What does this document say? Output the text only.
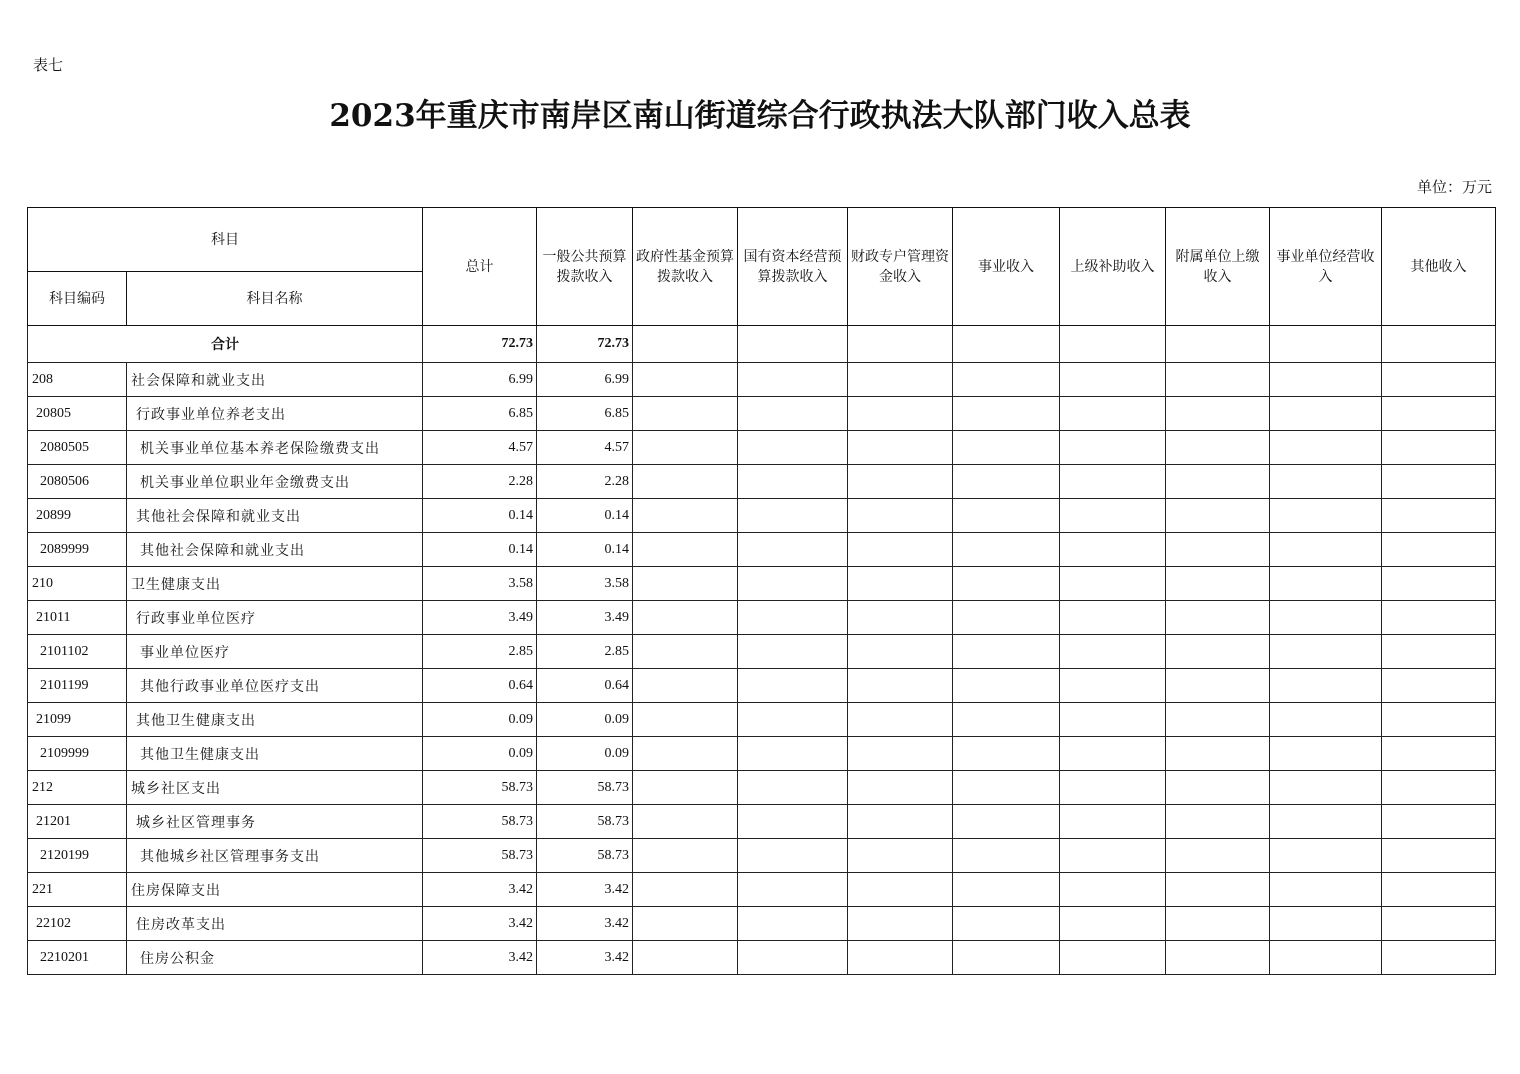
表七
2023年重庆市南岸区南山街道综合行政执法大队部门收入总表
单位：万元
科目		总计	一般公共预算拨款收入	政府性基金预算拨款收入	国有资本经营预算拨款收入	财政专户管理资金收入	事业收入	上级补助收入	附属单位上缴收入	事业单位经营收入	其他收入
科目编码	科目名称										
合计		72.73	72.73								
208	社会保障和就业支出	6.99	6.99								
20805	行政事业单位养老支出	6.85	6.85								
2080505	机关事业单位基本养老保险缴费支出	4.57	4.57								
2080506	机关事业单位职业年金缴费支出	2.28	2.28								
20899	其他社会保障和就业支出	0.14	0.14								
2089999	其他社会保障和就业支出	0.14	0.14								
210	卫生健康支出	3.58	3.58								
21011	行政事业单位医疗	3.49	3.49								
2101102	事业单位医疗	2.85	2.85								
2101199	其他行政事业单位医疗支出	0.64	0.64								
21099	其他卫生健康支出	0.09	0.09								
2109999	其他卫生健康支出	0.09	0.09								
212	城乡社区支出	58.73	58.73								
21201	城乡社区管理事务	58.73	58.73								
2120199	其他城乡社区管理事务支出	58.73	58.73								
221	住房保障支出	3.42	3.42								
22102	住房改革支出	3.42	3.42								
2210201	住房公积金	3.42	3.42								
